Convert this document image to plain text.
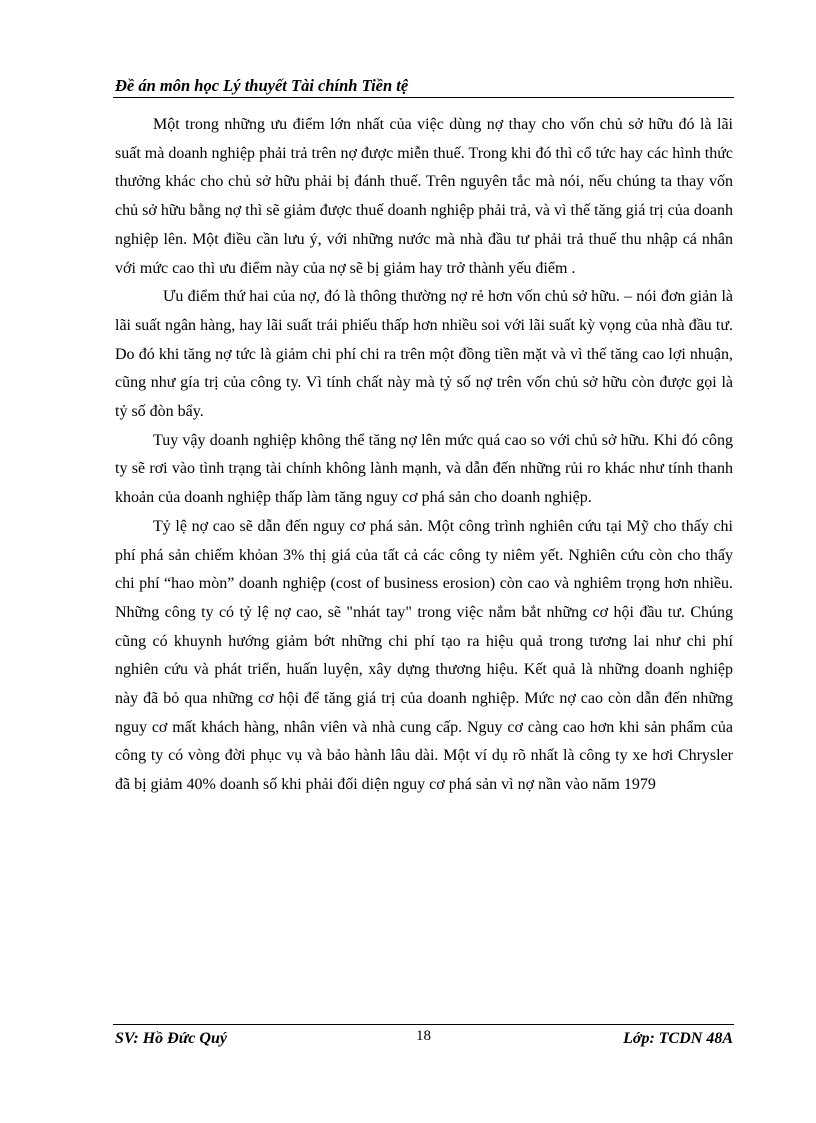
Đề án môn học Lý thuyết Tài chính Tiền tệ

Một trong những ưu điểm lớn nhất của việc dùng nợ thay cho vốn chủ sở hữu đó là lãi suất mà doanh nghiệp phải trả trên nợ được miễn thuế. Trong khi đó thì cổ tức hay các hình thức thưởng khác cho chủ sở hữu phải bị đánh thuế. Trên nguyên tắc mà nói, nếu chúng ta thay vốn chủ sở hữu bằng nợ thì sẽ giảm được thuế doanh nghiệp phải trả, và vì thế tăng giá trị của doanh nghiệp lên. Một điều cần lưu ý, với những nước mà nhà đầu tư phải trả thuế thu nhập cá nhân với mức cao thì ưu điểm này của nợ sẽ bị giảm hay trở thành yếu điểm .

Ưu điểm thứ hai của nợ, đó là thông thường nợ rẻ hơn vốn chủ sở hữu. – nói đơn giản là lãi suất ngân hàng, hay lãi suất trái phiếu thấp hơn nhiều soi với lãi suất kỳ vọng của nhà đầu tư. Do đó khi tăng nợ tức là giảm chi phí chi ra trên một đồng tiền mặt và vì thế tăng cao lợi nhuận, cũng như gía trị của công ty. Vì tính chất này mà tỷ số nợ trên vốn chủ sở hữu còn được gọi là tỷ số đòn bẩy.

Tuy vậy doanh nghiệp không thể tăng nợ lên mức quá cao so với chủ sở hữu. Khi đó công ty sẽ rơi vào tình trạng tài chính không lành mạnh, và dẫn đến những rủi ro khác như tính thanh khoản của doanh nghiệp thấp làm tăng nguy cơ phá sản cho doanh nghiệp.

Tỷ lệ nợ cao sẽ dẫn đến nguy cơ phá sản. Một công trình nghiên cứu tại Mỹ cho thấy chi phí phá sản chiếm khỏan 3% thị giá của tất cả các công ty niêm yết. Nghiên cứu còn cho thấy chi phí “hao mòn” doanh nghiệp (cost of business erosion) còn cao và nghiêm trọng hơn nhiều. Những công ty có tỷ lệ nợ cao, sẽ "nhát tay" trong việc nắm bắt những cơ hội đầu tư. Chúng cũng có khuynh hướng giảm bớt những chi phí tạo ra hiệu quả trong tương lai như chi phí nghiên cứu và phát triển, huấn luyện, xây dựng thương hiệu. Kết quả là những doanh nghiệp này đã bỏ qua những cơ hội để tăng giá trị của doanh nghiệp. Mức nợ cao còn dẫn đến những nguy cơ mất khách hàng, nhân viên và nhà cung cấp. Nguy cơ càng cao hơn khi sản phẩm của công ty có vòng đời phục vụ và bảo hành lâu dài. Một ví dụ rõ nhất là công ty xe hơi Chrysler đã bị giảm 40% doanh số khi phải đối diện nguy cơ phá sản vì nợ nần vào năm 1979

SV: Hồ Đức Quý	18	Lớp: TCDN 48A
